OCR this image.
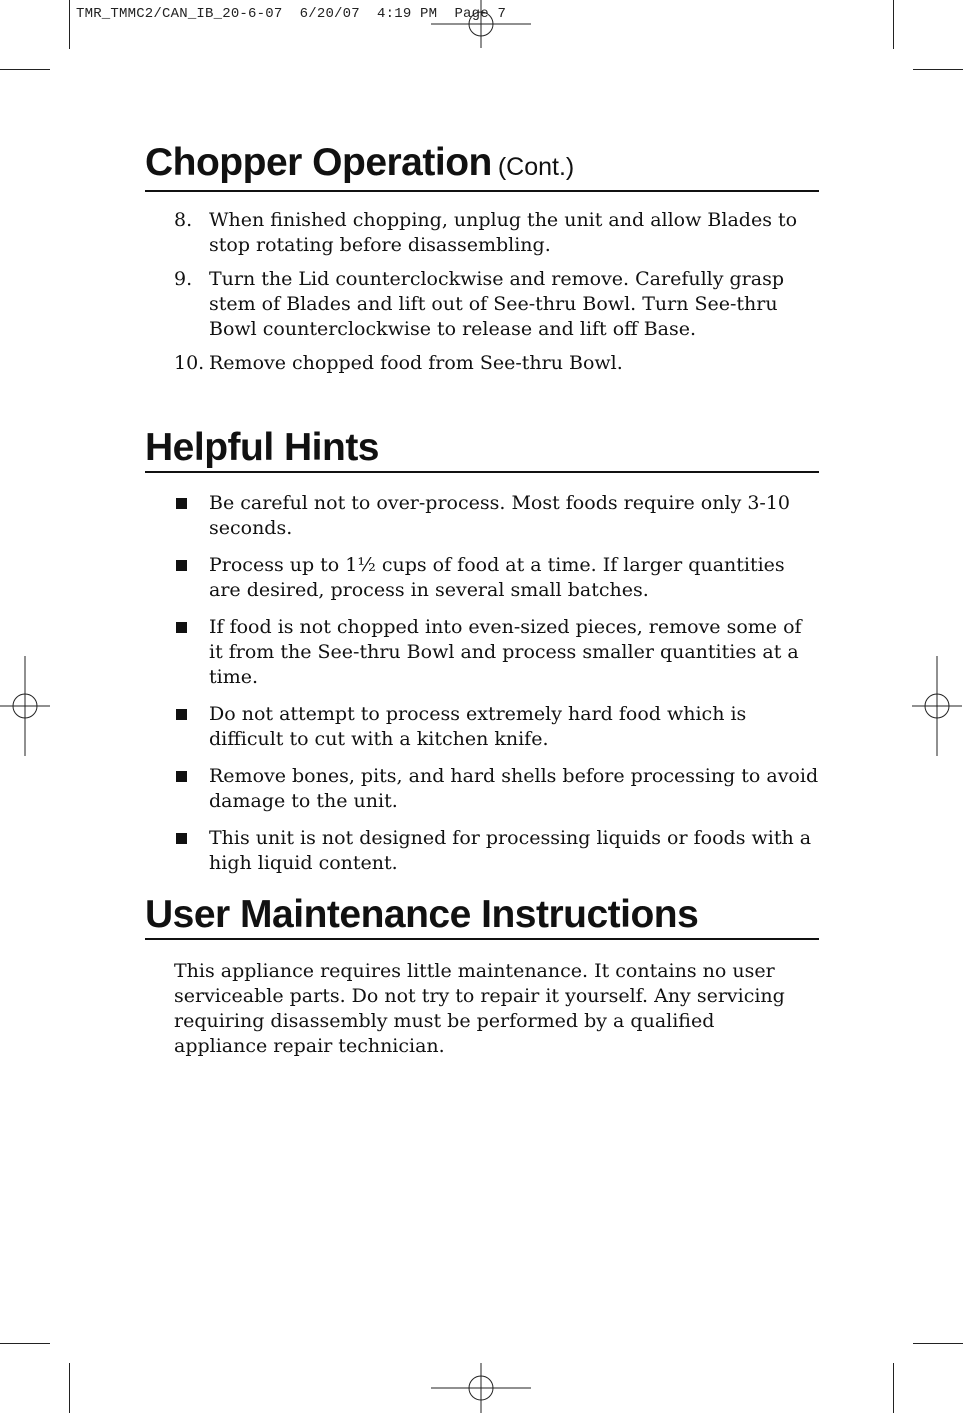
TMR_TMMC2/CAN_IB_20-6-07  6/20/07  4:19 PM  Page 7
Chopper Operation (Cont.)
8. When finished chopping, unplug the unit and allow Blades to stop rotating before disassembling.
9. Turn the Lid counterclockwise and remove. Carefully grasp stem of Blades and lift out of See-thru Bowl. Turn See-thru Bowl counterclockwise to release and lift off Base.
10. Remove chopped food from See-thru Bowl.
Helpful Hints
Be careful not to over-process. Most foods require only 3-10 seconds.
Process up to 1½ cups of food at a time. If larger quantities are desired, process in several small batches.
If food is not chopped into even-sized pieces, remove some of it from the See-thru Bowl and process smaller quantities at a time.
Do not attempt to process extremely hard food which is difficult to cut with a kitchen knife.
Remove bones, pits, and hard shells before processing to avoid damage to the unit.
This unit is not designed for processing liquids or foods with a high liquid content.
User Maintenance Instructions

This appliance requires little maintenance. It contains no user serviceable parts. Do not try to repair it yourself. Any servicing requiring disassembly must be performed by a qualified appliance repair technician.
